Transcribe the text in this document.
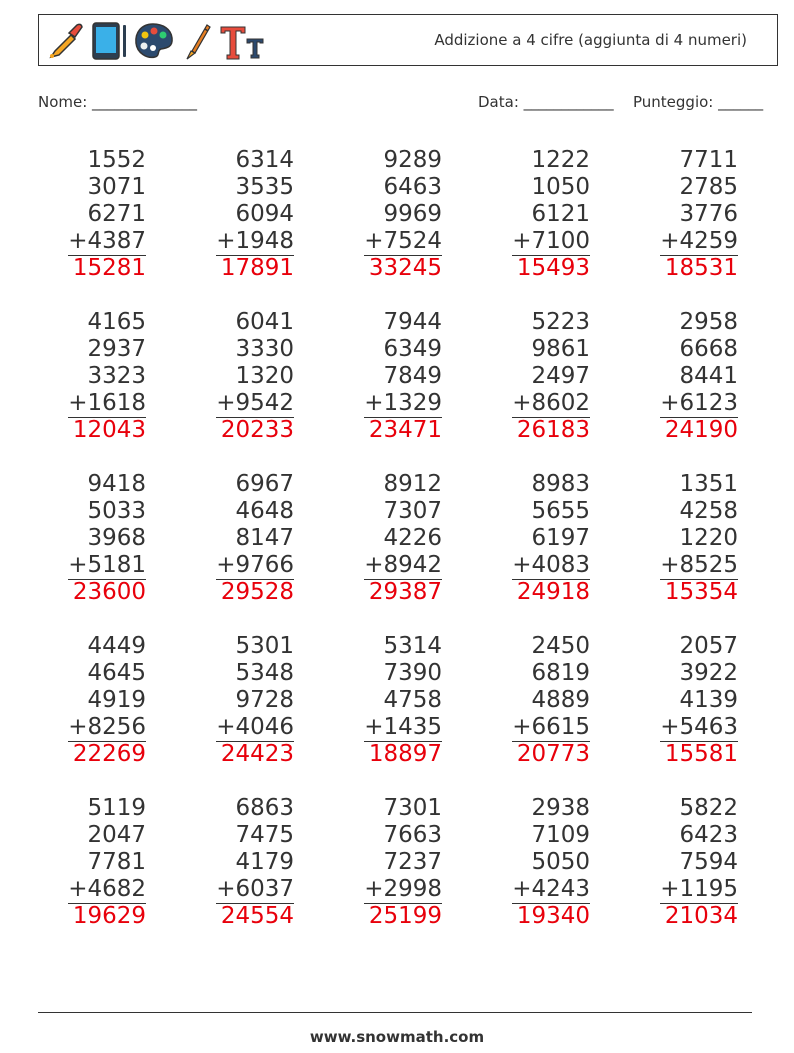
Addizione a 4 cifre (aggiunta di 4 numeri)
Nome: ______________	Data: ____________ Punteggio: ______
1552
3071
6271
+4387
15281
6314
3535
6094
+1948
17891
9289
6463
9969
+7524
33245
1222
1050
6121
+7100
15493
7711
2785
3776
+4259
18531
4165
2937
3323
+1618
12043
6041
3330
1320
+9542
20233
7944
6349
7849
+1329
23471
5223
9861
2497
+8602
26183
2958
6668
8441
+6123
24190
9418
5033
3968
+5181
23600
6967
4648
8147
+9766
29528
8912
7307
4226
+8942
29387
8983
5655
6197
+4083
24918
1351
4258
1220
+8525
15354
4449
4645
4919
+8256
22269
5301
5348
9728
+4046
24423
5314
7390
4758
+1435
18897
2450
6819
4889
+6615
20773
2057
3922
4139
+5463
15581
5119
2047
7781
+4682
19629
6863
7475
4179
+6037
24554
7301
7663
7237
+2998
25199
2938
7109
5050
+4243
19340
5822
6423
7594
+1195
21034
www.snowmath.com
